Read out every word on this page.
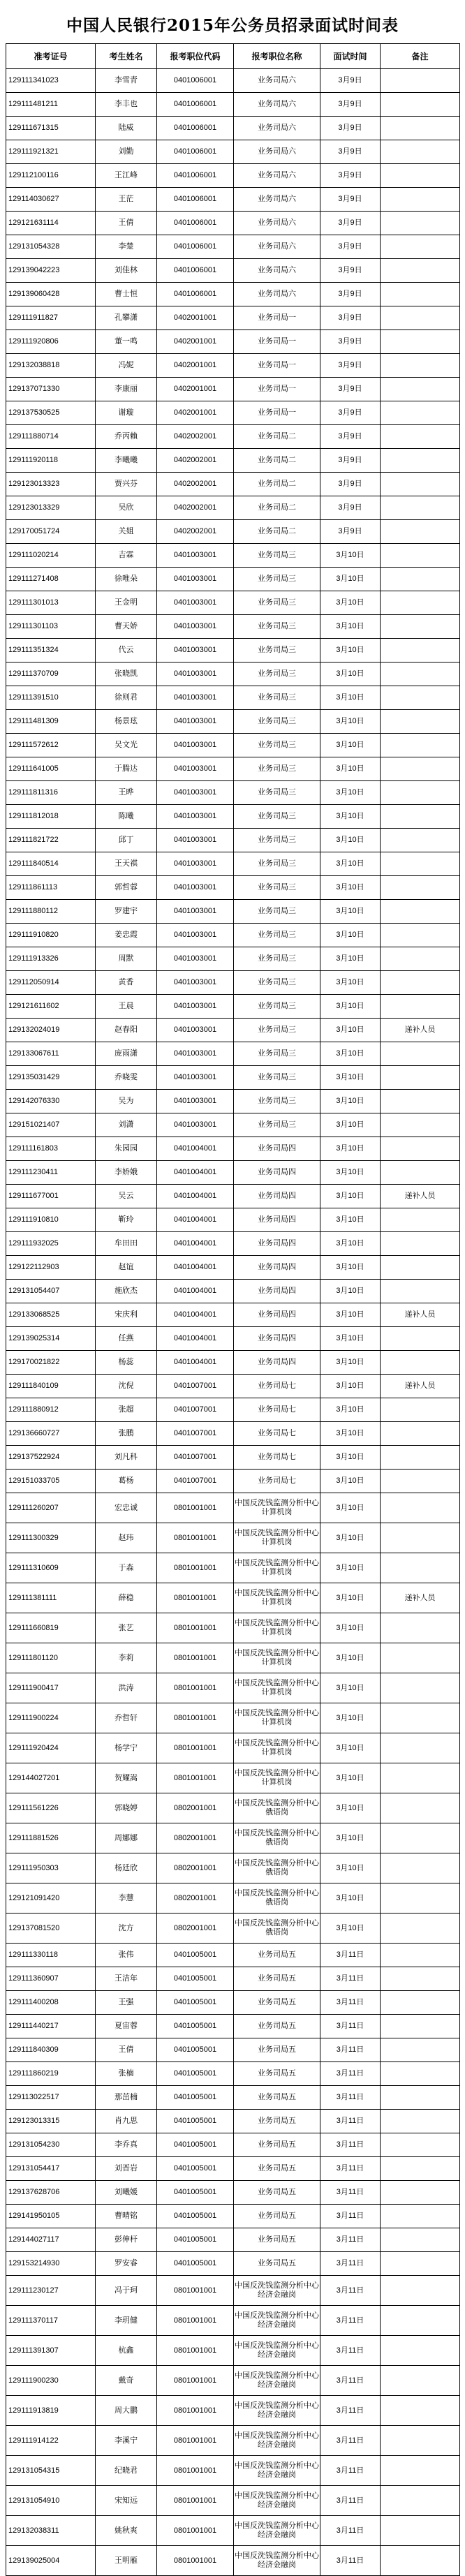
中国人民银行2015年公务员招录面试时间表
准考证号	考生姓名	报考职位代码	报考职位名称	面试时间	备注
129111341023	李雪青	0401006001	业务司局六	3月9日	
129111481211	李丰也	0401006001	业务司局六	3月9日	
129111671315	陆威	0401006001	业务司局六	3月9日	
129111921321	刘勤	0401006001	业务司局六	3月9日	
129112100116	王江峰	0401006001	业务司局六	3月9日	
129114030627	王茫	0401006001	业务司局六	3月9日	
129121631114	王倩	0401006001	业务司局六	3月9日	
129131054328	李楚	0401006001	业务司局六	3月9日	
129139042223	刘佳林	0401006001	业务司局六	3月9日	
129139060428	曹士恒	0401006001	业务司局六	3月9日	
129111911827	孔攀潇	0402001001	业务司局一	3月9日	
129111920806	董一鸣	0402001001	业务司局一	3月9日	
129132038818	冯妮	0402001001	业务司局一	3月9日	
129137071330	李康丽	0402001001	业务司局一	3月9日	
129137530525	谢璇	0402001001	业务司局一	3月9日	
129111880714	乔丙賴	0402002001	业务司局二	3月9日	
129111920118	李曦曦	0402002001	业务司局二	3月9日	
129123013323	贾兴芬	0402002001	业务司局二	3月9日	
129123013329	吴欣	0402002001	业务司局二	3月9日	
129170051724	关姐	0402002001	业务司局二	3月9日	
129111020214	吉霖	0401003001	业务司局三	3月10日	
129111271408	徐唯朵	0401003001	业务司局三	3月10日	
129111301013	王金明	0401003001	业务司局三	3月10日	
129111301103	曹天娇	0401003001	业务司局三	3月10日	
129111351324	代云	0401003001	业务司局三	3月10日	
129111370709	张晓凯	0401003001	业务司局三	3月10日	
129111391510	徐则君	0401003001	业务司局三	3月10日	
129111481309	杨景玹	0401003001	业务司局三	3月10日	
129111572612	吴文光	0401003001	业务司局三	3月10日	
129111641005	于腾达	0401003001	业务司局三	3月10日	
129111811316	王晔	0401003001	业务司局三	3月10日	
129111812018	陈曦	0401003001	业务司局三	3月10日	
129111821722	邱丁	0401003001	业务司局三	3月10日	
129111840514	王天祺	0401003001	业务司局三	3月10日	
129111861113	郭哲蓉	0401003001	业务司局三	3月10日	
129111880112	罗建宇	0401003001	业务司局三	3月10日	
129111910820	姜忠霞	0401003001	业务司局三	3月10日	
129111913326	周默	0401003001	业务司局三	3月10日	
129112050914	黄香	0401003001	业务司局三	3月10日	
129121611602	王晨	0401003001	业务司局三	3月10日	
129132024019	赵春阳	0401003001	业务司局三	3月10日	递补人员
129133067611	庞雨潇	0401003001	业务司局三	3月10日	
129135031429	乔晓雯	0401003001	业务司局三	3月10日	
129142076330	吴为	0401003001	业务司局三	3月10日	
129151021407	刘潇	0401003001	业务司局三	3月10日	
129111161803	朱园园	0401004001	业务司局四	3月10日	
129111230411	李娇娥	0401004001	业务司局四	3月10日	
129111677001	吴云	0401004001	业务司局四	3月10日	递补人员
129111910810	靳玲	0401004001	业务司局四	3月10日	
129111932025	牟田田	0401004001	业务司局四	3月10日	
129122112903	赵谊	0401004001	业务司局四	3月10日	
129131054407	施欣杰	0401004001	业务司局四	3月10日	
129133068525	宋庆利	0401004001	业务司局四	3月10日	递补人员
129139025314	任燕	0401004001	业务司局四	3月10日	
129170021822	杨蕊	0401004001	业务司局四	3月10日	
129111840109	沈倪	0401007001	业务司局七	3月10日	递补人员
129111880912	张超	0401007001	业务司局七	3月10日	
129136660727	张鹏	0401007001	业务司局七	3月10日	
129137522924	刘凡科	0401007001	业务司局七	3月10日	
129151033705	葛杨	0401007001	业务司局七	3月10日	
129111260207	宏忠诚	0801001001	中国反洗钱监测分析中心计算机岗	3月10日	
129111300329	赵玮	0801001001	中国反洗钱监测分析中心计算机岗	3月10日	
129111310609	于森	0801001001	中国反洗钱监测分析中心计算机岗	3月10日	
129111381111	薛稳	0801001001	中国反洗钱监测分析中心计算机岗	3月10日	递补人员
129111660819	张艺	0801001001	中国反洗钱监测分析中心计算机岗	3月10日	
129111801120	李莉	0801001001	中国反洗钱监测分析中心计算机岗	3月10日	
129111900417	洪涛	0801001001	中国反洗钱监测分析中心计算机岗	3月10日	
129111900224	乔哲轩	0801001001	中国反洗钱监测分析中心计算机岗	3月10日	
129111920424	杨学宁	0801001001	中国反洗钱监测分析中心计算机岗	3月10日	
129144027201	贺耀嵩	0801001001	中国反洗钱监测分析中心计算机岗	3月10日	
129111561226	郭晓婷	0802001001	中国反洗钱监测分析中心俄语岗	3月10日	
129111881526	周娜娜	0802001001	中国反洗钱监测分析中心俄语岗	3月10日	
129111950303	杨廷欣	0802001001	中国反洗钱监测分析中心俄语岗	3月10日	
129121091420	李慧	0802001001	中国反洗钱监测分析中心俄语岗	3月10日	
129137081520	沈方	0802001001	中国反洗钱监测分析中心俄语岗	3月10日	
129111330118	张伟	0401005001	业务司局五	3月11日	
129111360907	王洁年	0401005001	业务司局五	3月11日	
129111400208	王强	0401005001	业务司局五	3月11日	
129111440217	夏宙蓉	0401005001	业务司局五	3月11日	
129111840309	王倩	0401005001	业务司局五	3月11日	
129111860219	张楠	0401005001	业务司局五	3月11日	
129113022517	那茁楠	0401005001	业务司局五	3月11日	
129123013315	肖九思	0401005001	业务司局五	3月11日	
129131054230	李乔真	0401005001	业务司局五	3月11日	
129131054417	刘晋岩	0401005001	业务司局五	3月11日	
129137628706	刘曦媛	0401005001	业务司局五	3月11日	
129141950105	曹晴铭	0401005001	业务司局五	3月11日	
129144027117	彭伸杆	0401005001	业务司局五	3月11日	
129153214930	罗安睿	0401005001	业务司局五	3月11日	
129111230127	冯于珂	0801001001	中国反洗钱监测分析中心经济金融岗	3月11日	
129111370117	李玥健	0801001001	中国反洗钱监测分析中心经济金融岗	3月11日	
129111391307	杭鑫	0801001001	中国反洗钱监测分析中心经济金融岗	3月11日	
129111900230	戴奇	0801001001	中国反洗钱监测分析中心经济金融岗	3月11日	
129111913819	周大鹏	0801001001	中国反洗钱监测分析中心经济金融岗	3月11日	
129111914122	李溪宁	0801001001	中国反洗钱监测分析中心经济金融岗	3月11日	
129131054315	纪晓君	0801001001	中国反洗钱监测分析中心经济金融岗	3月11日	
129131054910	宋知远	0801001001	中国反洗钱监测分析中心经济金融岗	3月11日	
129132038311	姚秋爽	0801001001	中国反洗钱监测分析中心经济金融岗	3月11日	
129139025004	王明雁	0801001001	中国反洗钱监测分析中心经济金融岗	3月11日	
